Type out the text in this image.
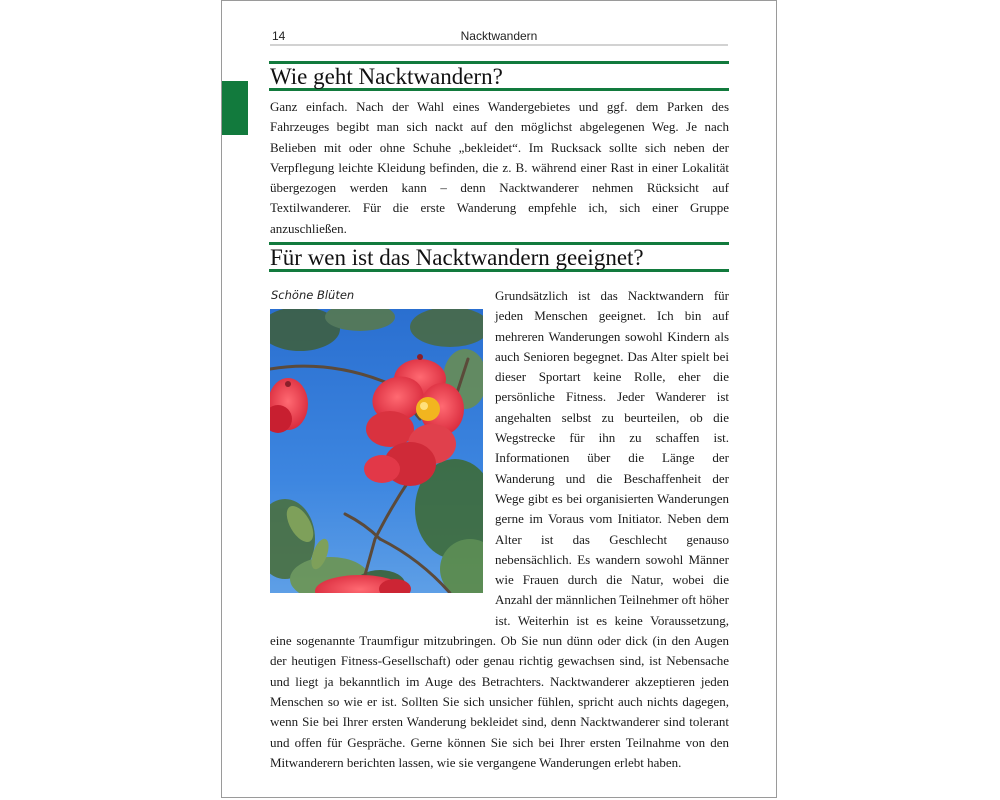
14	Nacktwandern
Wie geht Nacktwandern?
Ganz einfach. Nach der Wahl eines Wandergebietes und ggf. dem Parken des Fahrzeuges begibt man sich nackt auf den möglichst abgelegenen Weg. Je nach Belieben mit oder ohne Schuhe „bekleidet“. Im Rucksack sollte sich neben der Verpflegung leichte Kleidung befinden, die z. B. während einer Rast in einer Lokalität übergezogen werden kann – denn Nacktwanderer nehmen Rücksicht auf Textilwanderer. Für die erste Wanderung empfehle ich, sich einer Gruppe anzuschließen.
Für wen ist das Nacktwandern geeignet?
Schöne Blüten	Grundsätzlich ist das Nacktwandern für jeden Menschen geeignet. Ich bin auf mehreren Wanderungen sowohl Kindern als auch Senioren begegnet. Das Alter spielt bei dieser Sportart keine Rolle, eher die persönliche Fitness. Jeder Wanderer ist angehalten selbst zu beurteilen, ob die Wegstrecke für ihn zu schaffen ist. Informationen über die Länge der Wanderung und die Beschaffenheit der Wege gibt es bei organisierten Wanderungen gerne im Voraus vom Initiator. Neben dem Alter ist das Geschlecht genauso nebensächlich. Es wandern sowohl Männer wie Frauen durch die Natur, wobei die Anzahl der männlichen Teilnehmer oft höher ist. Weiterhin ist es keine Voraussetzung, eine sogenannte Traumfigur mitzubringen. Ob Sie nun dünn oder dick (in den Augen der heutigen Fitness-Gesellschaft) oder genau richtig gewachsen sind, ist Nebensache und liegt ja bekanntlich im Auge des Betrachters. Nacktwanderer akzeptieren jeden Menschen so wie er ist. Sollten Sie sich unsicher fühlen, spricht auch nichts dagegen, wenn Sie bei Ihrer ersten Wanderung bekleidet sind, denn Nacktwanderer sind tolerant und offen für Gespräche. Gerne können Sie sich bei Ihrer ersten Teilnahme von den Mitwanderern berichten lassen, wie sie vergangene Wanderungen erlebt haben.
